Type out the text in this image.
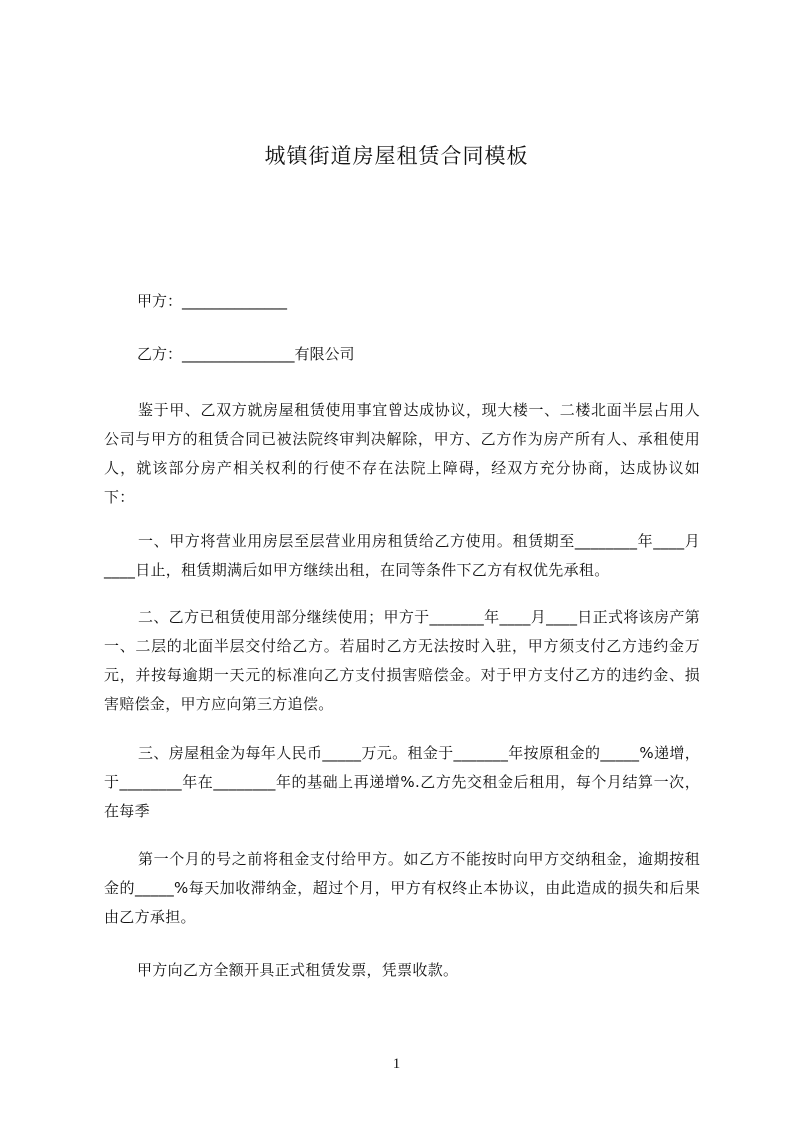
城镇街道房屋租赁合同模板
甲方：______________
乙方：_______________有限公司
鉴于甲、乙双方就房屋租赁使用事宜曾达成协议，现大楼一、二楼北面半层占用人公司与甲方的租赁合同已被法院终审判决解除，甲方、乙方作为房产所有人、承租使用人，就该部分房产相关权利的行使不存在法院上障碍，经双方充分协商，达成协议如下：
一、甲方将营业用房层至层营业用房租赁给乙方使用。租赁期至________年____月____日止，租赁期满后如甲方继续出租，在同等条件下乙方有权优先承租。
二、乙方已租赁使用部分继续使用；甲方于_______年____月____日正式将该房产第一、二层的北面半层交付给乙方。若届时乙方无法按时入驻，甲方须支付乙方违约金万元，并按每逾期一天元的标准向乙方支付损害赔偿金。对于甲方支付乙方的违约金、损害赔偿金，甲方应向第三方追偿。
三、房屋租金为每年人民币_____万元。租金于_______年按原租金的_____%递增，于________年在________年的基础上再递增%.乙方先交租金后租用，每个月结算一次，在每季
第一个月的号之前将租金支付给甲方。如乙方不能按时向甲方交纳租金，逾期按租金的_____%每天加收滞纳金，超过个月，甲方有权终止本协议，由此造成的损失和后果由乙方承担。
甲方向乙方全额开具正式租赁发票，凭票收款。
1
